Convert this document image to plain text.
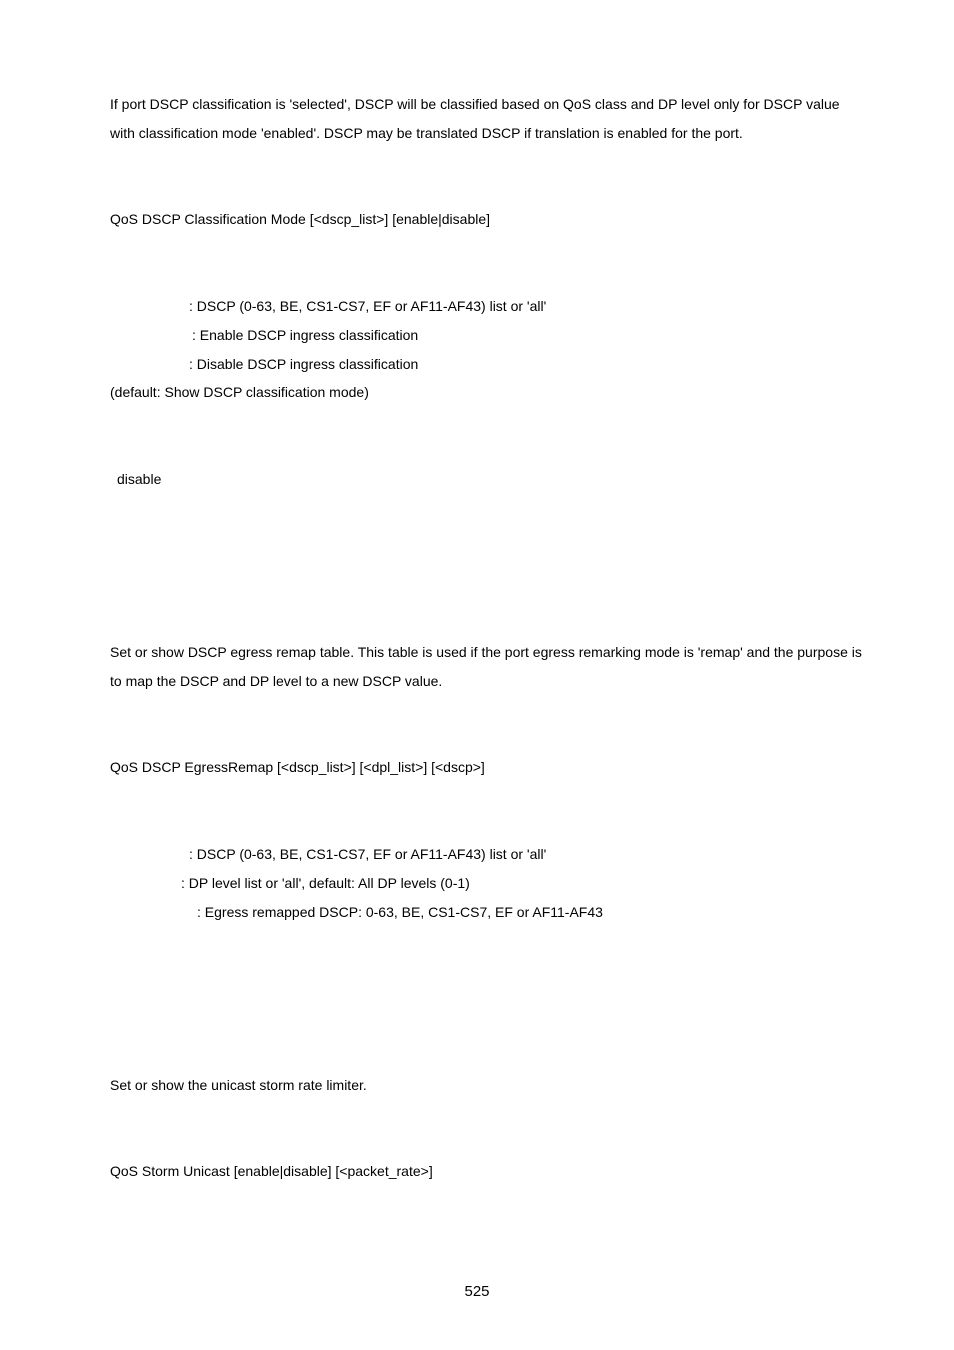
If port DSCP classification is 'selected', DSCP will be classified based on QoS class and DP level only for DSCP value

with classification mode 'enabled'. DSCP may be translated DSCP if translation is enabled for the port.

QoS DSCP Classification Mode [<dscp_list>] [enable|disable]

: DSCP (0-63, BE, CS1-CS7, EF or AF11-AF43) list or 'all'

: Enable DSCP ingress classification

: Disable DSCP ingress classification

(default: Show DSCP classification mode)

disable

Set or show DSCP egress remap table. This table is used if the port egress remarking mode is 'remap' and the purpose is

to map the DSCP and DP level to a new DSCP value.

QoS DSCP EgressRemap [<dscp_list>] [<dpl_list>] [<dscp>]

: DSCP (0-63, BE, CS1-CS7, EF or AF11-AF43) list or 'all'

: DP level list or 'all', default: All DP levels (0-1)

: Egress remapped DSCP: 0-63, BE, CS1-CS7, EF or AF11-AF43

Set or show the unicast storm rate limiter.

QoS Storm Unicast [enable|disable] [<packet_rate>]

525
